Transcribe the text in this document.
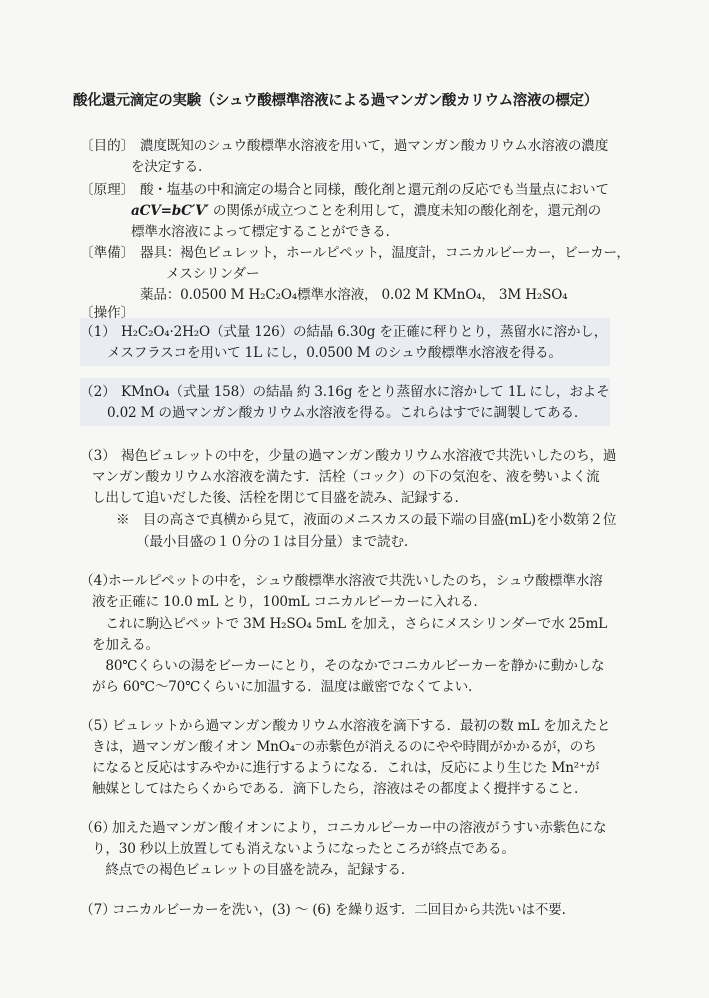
酸化還元滴定の実験（シュウ酸標準溶液による過マンガン酸カリウム溶液の標定）
〔目的〕 濃度既知のシュウ酸標準水溶液を用いて，過マンガン酸カリウム水溶液の濃度
を決定する.
〔原理〕 酸・塩基の中和滴定の場合と同様，酸化剤と還元剤の反応でも当量点において
aCV=bC′V′ の関係が成立つことを利用して，濃度未知の酸化剤を，還元剤の
標準水溶液によって標定することができる.
〔準備〕 器具：褐色ビュレット，ホールピペット，温度計，コニカルビーカー，ビーカー，
メスシリンダー
薬品：0.0500 M H₂C₂O₄標準水溶液， 0.02 M KMnO₄， 3M H₂SO₄
〔操作〕
（1） H₂C₂O₄·2H₂O（式量 126）の結晶 6.30g を正確に秤りとり，蒸留水に溶かし，
メスフラスコを用いて 1L にし，0.0500 M のシュウ酸標準水溶液を得る。
（2） KMnO₄（式量 158）の結晶 約 3.16g をとり蒸留水に溶かして 1L にし，およそ
0.02 M の過マンガン酸カリウム水溶液を得る。これらはすでに調製してある.
（3） 褐色ビュレットの中を，少量の過マンガン酸カリウム水溶液で共洗いしたのち，過
マンガン酸カリウム水溶液を満たす．活栓（コック）の下の気泡を、液を勢いよく流
し出して追いだした後、活栓を閉じて目盛を読み、記録する.
※　目の高さで真横から見て，液面のメニスカスの最下端の目盛(mL)を小数第２位
（最小目盛の１０分の１は目分量）まで読む.
（4）
ホールピペットの中を，シュウ酸標準水溶液で共洗いしたのち，シュウ酸標準水溶
液を正確に 10.0 mL とり，100mL コニカルビーカーに入れる.
　これに駒込ピペットで 3M H₂SO₄ 5mL を加え，さらにメスシリンダーで水 25mL
を加える。
　80℃くらいの湯をビーカーにとり，そのなかでコニカルビーカーを静かに動かしな
がら 60℃～70℃くらいに加温する．温度は厳密でなくてよい.
（5）
ビュレットから過マンガン酸カリウム水溶液を滴下する．最初の数 mL を加えたと
きは，過マンガン酸イオン MnO₄⁻の赤紫色が消えるのにやや時間がかかるが，のち
になると反応はすみやかに進行するようになる．これは，反応により生じた Mn²⁺が
触媒としてはたらくからである．滴下したら，溶液はその都度よく攪拌すること.
（6）
加えた過マンガン酸イオンにより，コニカルビーカー中の溶液がうすい赤紫色にな
り，30 秒以上放置しても消えないようになったところが終点である。
　終点での褐色ビュレットの目盛を読み，記録する.
（7）
コニカルビーカーを洗い，(3) ～ (6) を繰り返す．二回目から共洗いは不要.
